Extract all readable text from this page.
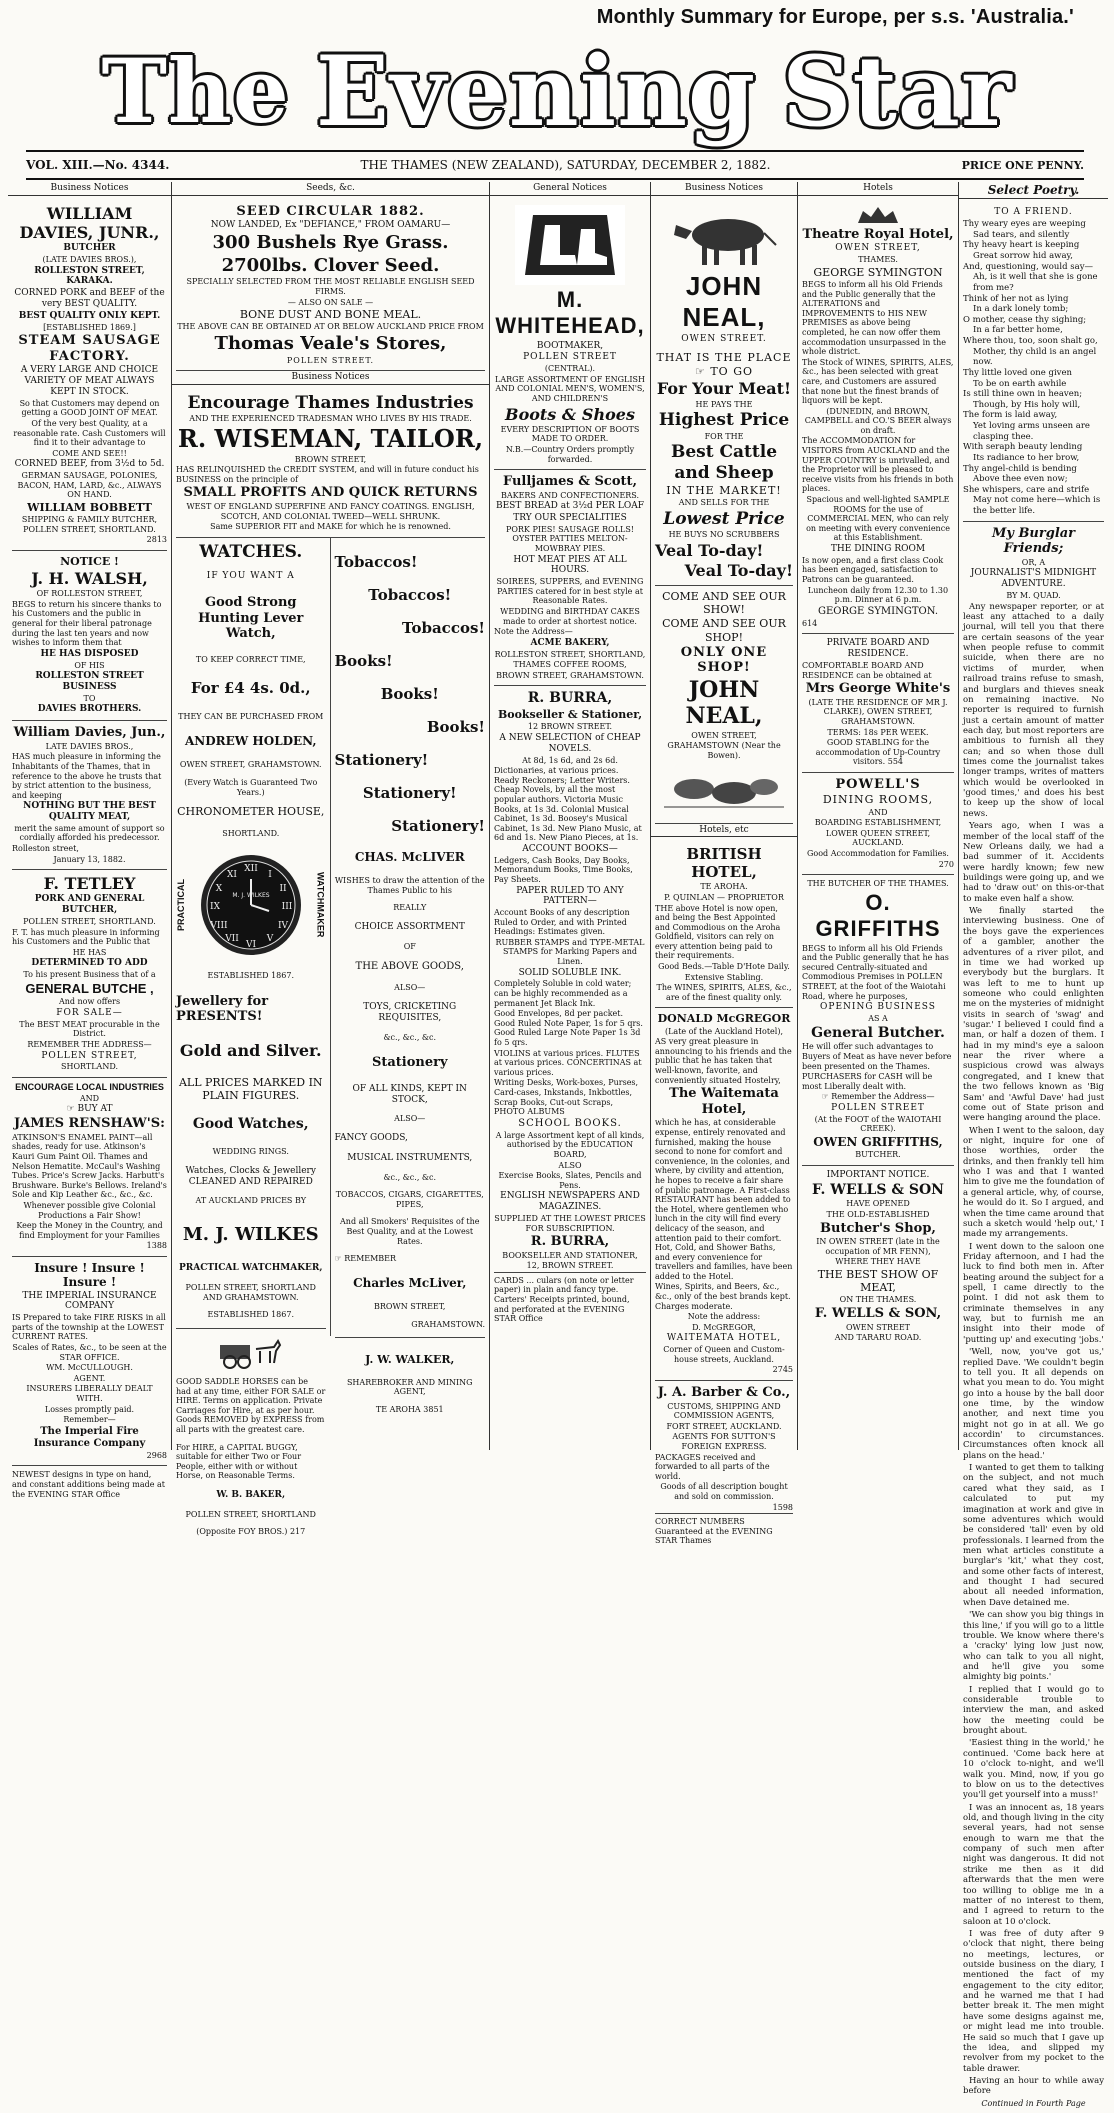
Monthly Summary for Europe, per s.s. 'Australia.'
The Evening Star
VOL. XIII.—No. 4344.	THE THAMES (NEW ZEALAND), SATURDAY, DECEMBER 2, 1882.	PRICE ONE PENNY.
Business Notices

WILLIAM DAVIES, JUNR.,

BUTCHER

(LATE DAVIES BROS.),

ROLLESTON STREET, KARAKA.

CORNED PORK and BEEF of the very BEST QUALITY.

BEST QUALITY ONLY KEPT.

[ESTABLISHED 1869.]

STEAM SAUSAGE FACTORY.

A VERY LARGE AND CHOICE VARIETY OF MEAT ALWAYS KEPT IN STOCK.

So that Customers may depend on getting a GOOD JOINT OF MEAT.

Of the very best Quality, at a reasonable rate. Cash Customers will find it to their advantage to

COME AND SEE!!

CORNED BEEF, from 3½d to 5d.

GERMAN SAUSAGE, POLONIES, BACON, HAM, LARD, &c., ALWAYS ON HAND.

WILLIAM BOBBETT

SHIPPING & FAMILY BUTCHER, POLLEN STREET, SHORTLAND.

2813

NOTICE !

J. H. WALSH,

OF ROLLESTON STREET,

BEGS to return his sincere thanks to his Customers and the public in general for their liberal patronage during the last ten years and now wishes to inform them that

HE HAS DISPOSED

OF HIS

ROLLESTON STREET BUSINESS

TO

DAVIES BROTHERS.

William Davies, Jun.,

LATE DAVIES BROS.,

HAS much pleasure in informing the Inhabitants of the Thames, that in reference to the above he trusts that by strict attention to the business, and keeping

NOTHING BUT THE BEST QUALITY MEAT,

merit the same amount of support so cordially afforded his predecessor.

Rolleston street,

January 13, 1882.

F. TETLEY

PORK AND GENERAL BUTCHER,

POLLEN STREET, SHORTLAND.

F. T. has much pleasure in informing his Customers and the Public that

HE HAS

DETERMINED TO ADD

To his present Business that of a

GENERAL BUTCHE ,

And now offers

FOR SALE—

The BEST MEAT procurable in the District.

REMEMBER THE ADDRESS—

POLLEN STREET,

SHORTLAND.

ENCOURAGE LOCAL INDUSTRIES

AND

☞ BUY AT

JAMES RENSHAW'S:

ATKINSON'S ENAMEL PAINT—all shades, ready for use. Atkinson's Kauri Gum Paint Oil. Thames and Nelson Hematite. McCaul's Washing Tubes. Price's Screw Jacks. Harbutt's Brushware. Burke's Bellows. Ireland's Sole and Kip Leather &c., &c., &c.

Whenever possible give Colonial Productions a Fair Show!

Keep the Money in the Country, and find Employment for your Families

1388

Insure ! Insure ! Insure !

THE IMPERIAL INSURANCE COMPANY

IS Prepared to take FIRE RISKS in all parts of the township at the LOWEST CURRENT RATES.

Scales of Rates, &c., to be seen at the STAR OFFICE.

WM. McCULLOUGH.

AGENT.

INSURERS LIBERALLY DEALT WITH.

Losses promptly paid.

Remember—

The Imperial Fire Insurance Company

2968

NEWEST designs in type on hand, and constant additions being made at the EVENING STAR Office

Seeds, &c.

SEED CIRCULAR 1882.

NOW LANDED, Ex "DEFIANCE," FROM OAMARU—

300 Bushels Rye Grass.

2700lbs. Clover Seed.

SPECIALLY SELECTED FROM THE MOST RELIABLE ENGLISH SEED FIRMS.

— ALSO ON SALE —

BONE DUST AND BONE MEAL.

THE ABOVE CAN BE OBTAINED AT OR BELOW AUCKLAND PRICE FROM

Thomas Veale's Stores,

POLLEN STREET.

Business Notices

Encourage Thames Industries

AND THE EXPERIENCED TRADESMAN WHO LIVES BY HIS TRADE.

R. WISEMAN, TAILOR,

BROWN STREET,

HAS RELINQUISHED the CREDIT SYSTEM, and will in future conduct his BUSINESS on the principle of

SMALL PROFITS AND QUICK RETURNS

WEST OF ENGLAND SUPERFINE AND FANCY COATINGS. ENGLISH, SCOTCH, AND COLONIAL TWEED—WELL SHRUNK.

Same SUPERIOR FIT and MAKE for which he is renowned.

WATCHES.

IF YOU WANT A

Good Strong Hunting Lever Watch,

TO KEEP CORRECT TIME,

For £4 4s. 0d.,

THEY CAN BE PURCHASED FROM

ANDREW HOLDEN,

OWEN STREET, GRAHAMSTOWN.

(Every Watch is Guaranteed Two Years.)

CHRONOMETER HOUSE,

SHORTLAND.

PRACTICAL
XII
III
VI
IX
I
II
IV
V
VII
VIII
X
XI
M. J. WILKES	WATCHMAKER

ESTABLISHED 1867.

Jewellery for PRESENTS!

Gold and Silver.

ALL PRICES MARKED IN PLAIN FIGURES.

Good Watches,

WEDDING RINGS.

Watches, Clocks & Jewellery CLEANED AND REPAIRED

AT AUCKLAND PRICES BY

M. J. WILKES

PRACTICAL WATCHMAKER,

POLLEN STREET, SHORTLAND AND GRAHAMSTOWN.

ESTABLISHED 1867.

GOOD SADDLE HORSES can be had at any time, either FOR SALE or HIRE. Terms on application. Private Carriages for Hire, at as per hour. Goods REMOVED by EXPRESS from all parts with the greatest care.

For HIRE, a CAPITAL BUGGY, suitable for either Two or Four People, either with or without Horse, on Reasonable Terms.

W. B. BAKER,

POLLEN STREET, SHORTLAND

(Opposite FOY BROS.) 217

Tobaccos!

Tobaccos!

Tobaccos!

Books!

Books!

Books!

Stationery!

Stationery!

Stationery!

CHAS. McLIVER

WISHES to draw the attention of the Thames Public to his

REALLY

CHOICE ASSORTMENT

OF

THE ABOVE GOODS,

ALSO—

TOYS, CRICKETING REQUISITES,

&c., &c., &c.

Stationery

OF ALL KINDS, KEPT IN STOCK,

ALSO—

FANCY GOODS,

MUSICAL INSTRUMENTS,

&c., &c., &c.

TOBACCOS, CIGARS, CIGARETTES, PIPES,

And all Smokers' Requisites of the Best Quality, and at the Lowest Rates.

☞ REMEMBER

Charles McLiver,

BROWN STREET,

GRAHAMSTOWN.

J. W. WALKER,

SHAREBROKER AND MINING AGENT,

TE AROHA 3851

General Notices

M. WHITEHEAD,

BOOTMAKER,

POLLEN STREET

(CENTRAL).

LARGE ASSORTMENT OF ENGLISH AND COLONIAL MEN'S, WOMEN'S, AND CHILDREN'S

Boots & Shoes

EVERY DESCRIPTION OF BOOTS MADE TO ORDER.

N.B.—Country Orders promptly forwarded.

Fulljames & Scott,

BAKERS AND CONFECTIONERS.

BEST BREAD at 3½d PER LOAF

TRY OUR SPECIALITIES

PORK PIES! SAUSAGE ROLLS! OYSTER PATTIES MELTON-MOWBRAY PIES.

HOT MEAT PIES AT ALL HOURS.

SOIREES, SUPPERS, and EVENING PARTIES catered for in best style at Reasonable Rates.

WEDDING and BIRTHDAY CAKES made to order at shortest notice.

Note the Address—

ACME BAKERY,

ROLLESTON STREET, SHORTLAND,

THAMES COFFEE ROOMS,

BROWN STREET, GRAHAMSTOWN.

R. BURRA,

Bookseller & Stationer,

12 BROWN STREET.

A NEW SELECTION of CHEAP NOVELS.

At 8d, 1s 6d, and 2s 6d.

Dictionaries, at various prices. Ready Reckoners; Letter Writers. Cheap Novels, by all the most popular authors. Victoria Music Books, at 1s 3d. Colonial Musical Cabinet, 1s 3d. Boosey's Musical Cabinet, 1s 3d. New Piano Music, at 6d and 1s. New Piano Pieces, at 1s.

ACCOUNT BOOKS—

Ledgers, Cash Books, Day Books, Memorandum Books, Time Books, Pay Sheets.

PAPER RULED TO ANY PATTERN—

Account Books of any description Ruled to Order, and with Printed Headings: Estimates given.

RUBBER STAMPS and TYPE-METAL STAMPS for Marking Papers and Linen.

SOLID SOLUBLE INK.

Completely Soluble in cold water; can be highly recommended as a permanent Jet Black Ink.

Good Envelopes, 8d per packet. Good Ruled Note Paper, 1s for 5 qrs. Good Ruled Large Note Paper 1s 3d fo 5 qrs.

VIOLINS at various prices. FLUTES at various prices. CONCERTINAS at various prices.

Writing Desks, Work-boxes, Purses, Card-cases, Inkstands, Inkbottles, Scrap Books, Cut-out Scraps, PHOTO ALBUMS

SCHOOL BOOKS.

A large Assortment kept of all kinds, authorised by the EDUCATION BOARD,

ALSO

Exercise Books, Slates, Pencils and Pens.

ENGLISH NEWSPAPERS AND MAGAZINES.

SUPPLIED AT THE LOWEST PRICES FOR SUBSCRIPTION.

R. BURRA,

BOOKSELLER AND STATIONER,

12, BROWN STREET.

CARDS ... culars (on note or letter paper) in plain and fancy type. Carters' Receipts printed, bound, and perforated at the EVENING STAR Office

Business Notices

JOHN NEAL,

OWEN STREET.

THAT IS THE PLACE

☞ TO GO

For Your Meat!

HE PAYS THE

Highest Price

FOR THE

Best Cattle and Sheep

IN THE MARKET!

AND SELLS FOR THE

Lowest Price

HE BUYS NO SCRUBBERS

Veal To-day!

Veal To-day!

COME AND SEE OUR SHOW!

COME AND SEE OUR SHOP!

ONLY ONE SHOP!

JOHN NEAL,

OWEN STREET,

GRAHAMSTOWN (Near the Bowen).

Hotels, etc

BRITISH HOTEL,

TE AROHA.

P. QUINLAN — PROPRIETOR

THE above Hotel is now open, and being the Best Appointed and Commodious on the Aroha Goldfield, visitors can rely on every attention being paid to their requirements.

Good Beds.—Table D'Hote Daily.

Extensive Stabling.

The WINES, SPIRITS, ALES, &c., are of the finest quality only.

DONALD McGREGOR

(Late of the Auckland Hotel),

AS very great pleasure in announcing to his friends and the public that he has taken that well-known, favorite, and conveniently situated Hostelry,

The Waitemata Hotel,

which he has, at considerable expense, entirely renovated and furnished, making the house second to none for comfort and convenience, in the colonies, and where, by civility and attention, he hopes to receive a fair share of public patronage. A First-class RESTAURANT has been added to the Hotel, where gentlemen who lunch in the city will find every delicacy of the season, and attention paid to their comfort. Hot, Cold, and Shower Baths, and every convenience for travellers and families, have been added to the Hotel.

Wines, Spirits, and Beers, &c., &c., only of the best brands kept. Charges moderate.

Note the address:

D. McGREGOR,

WAITEMATA HOTEL,

Corner of Queen and Custom-house streets, Auckland.

2745

J. A. Barber & Co.,

CUSTOMS, SHIPPING AND COMMISSION AGENTS,

FORT STREET, AUCKLAND.

AGENTS FOR SUTTON'S FOREIGN EXPRESS.

PACKAGES received and forwarded to all parts of the world.

Goods of all description bought and sold on commission.

1598

CORRECT NUMBERS Guaranteed at the EVENING STAR Thames

Hotels

Theatre Royal Hotel,

OWEN STREET,

THAMES.

GEORGE SYMINGTON

BEGS to inform all his Old Friends and the Public generally that the ALTERATIONS and IMPROVEMENTS to HIS NEW PREMISES as above being completed, he can now offer them accommodation unsurpassed in the whole district.

The Stock of WINES, SPIRITS, ALES, &c., has been selected with great care, and Customers are assured that none but the finest brands of liquors will be kept.

(DUNEDIN, and BROWN, CAMPBELL and CO.'S BEER always on draft.

The ACCOMMODATION for VISITORS from AUCKLAND and the UPPER COUNTRY is unrivalled, and the Proprietor will be pleased to receive visits from his friends in both places.

Spacious and well-lighted SAMPLE ROOMS for the use of COMMERCIAL MEN, who can rely on meeting with every convenience at this Establishment.

THE DINING ROOM

Is now open, and a first class Cook has been engaged, satisfaction to Patrons can be guaranteed.

Luncheon daily from 12.30 to 1.30 p.m. Dinner at 6 p.m.

GEORGE SYMINGTON.

614

PRIVATE BOARD AND RESIDENCE.

COMFORTABLE BOARD AND RESIDENCE can be obtained at

Mrs George White's

(LATE THE RESIDENCE OF MR J. CLARKE), OWEN STREET, GRAHAMSTOWN.

TERMS: 18s PER WEEK.

GOOD STABLING for the accommodation of Up-Country visitors. 554

POWELL'S

DINING ROOMS,

AND

BOARDING ESTABLISHMENT,

LOWER QUEEN STREET, AUCKLAND.

Good Accommodation for Families.

270

THE BUTCHER OF THE THAMES.

O. GRIFFITHS

BEGS to inform all his Old Friends and the Public generally that he has secured Centrally-situated and Commodious Premises in POLLEN STREET, at the foot of the Waiotahi Road, where he purposes,

OPENING BUSINESS

AS A

General Butcher.

He will offer such advantages to Buyers of Meat as have never before been presented on the Thames.

PURCHASERS for CASH will be most Liberally dealt with.

☞ Remember the Address—

POLLEN STREET

(At the FOOT of the WAIOTAHI CREEK).

OWEN GRIFFITHS,

BUTCHER.

IMPORTANT NOTICE.

F. WELLS & SON

HAVE OPENED

THE OLD-ESTABLISHED

Butcher's Shop,

IN OWEN STREET (late in the occupation of MR FENN),

WHERE THEY HAVE

THE BEST SHOW OF MEAT,

ON THE THAMES.

F. WELLS & SON,

OWEN STREET

AND TARARU ROAD.

Select Poetry.

TO A FRIEND.

Thy weary eyes are weeping
Sad tears, and silently
Thy heavy heart is keeping
Great sorrow hid away,
And, questioning, would say—
Ah, is it well that she is gone from me?
Think of her not as lying
In a dark lonely tomb;
O mother, cease thy sighing;
In a far better home,
Where thou, too, soon shalt go,
Mother, thy child is an angel now.
Thy little loved one given
To be on earth awhile
Is still thine own in heaven;
Though, by His holy will,
The form is laid away,
Yet loving arms unseen are clasping thee.
With seraph beauty lending
Its radiance to her brow,
Thy angel-child is bending
Above thee even now;
She whispers, care and strife
May not come here—which is the better life.

My Burglar Friends;

OR, A

JOURNALIST'S MIDNIGHT ADVENTURE.

BY M. QUAD.

Any newspaper reporter, or at least any attached to a daily journal, will tell you that there are certain seasons of the year when people refuse to commit suicide, when there are no victims of murder, when railroad trains refuse to smash, and burglars and thieves sneak on remaining inactive. No reporter is required to furnish just a certain amount of matter each day, but most reporters are ambitious to furnish all they can; and so when those dull times come the journalist takes longer tramps, writes of matters which would be overlooked in 'good times,' and does his best to keep up the show of local news.

Years ago, when I was a member of the local staff of the New Orleans daily, we had a bad summer of it. Accidents were hardly known; few new buildings were going up, and we had to 'draw out' on this-or-that to make even half a show.

We finally started the interviewing business. One of the boys gave the experiences of a gambler, another the adventures of a river pilot, and in time we had worked up everybody but the burglars. It was left to me to hunt up someone who could enlighten me on the mysteries of midnight visits in search of 'swag' and 'sugar.' I believed I could find a man, or half a dozen of them. I had in my mind's eye a saloon near the river where a suspicious crowd was always congregated, and I knew that the two fellows known as 'Big Sam' and 'Awful Dave' had just come out of State prison and were hanging around the place.

When I went to the saloon, day or night, inquire for one of those worthies, order the drinks, and then frankly tell him who I was and that I wanted him to give me the foundation of a general article, why, of course, he would do it. So I argued, and when the time came around that such a sketch would 'help out,' I made my arrangements.

I went down to the saloon one Friday afternoon, and I had the luck to find both men in. After beating around the subject for a spell, I came directly to the point. I did not ask them to criminate themselves in any way, but to furnish me an insight into their mode of 'putting up' and executing 'jobs.'

'Well, now, you've got us,' replied Dave. 'We couldn't begin to tell you. It all depends on what you mean to do. You might go into a house by the ball door one time, by the window another, and next time you might not go in at all. We go accordin' to circumstances. Circumstances often knock all plans on the head.'

I wanted to get them to talking on the subject, and not much cared what they said, as I calculated to put my imagination at work and give in some adventures which would be considered 'tall' even by old professionals. I learned from the men what articles constitute a burglar's 'kit,' what they cost, and some other facts of interest, and thought I had secured about all needed information, when Dave detained me.

'We can show you big things in this line,' if you will go to a little trouble. We know where there's a 'cracky' lying low just now, who can talk to you all night, and he'll give you some almighty big points.'

I replied that I would go to considerable trouble to interview the man, and asked how the meeting could be brought about.

'Easiest thing in the world,' he continued. 'Come back here at 10 o'clock to-night, and we'll walk you. Mind, now, if you go to blow on us to the detectives you'll get yourself into a muss!'

I was an innocent as, 18 years old, and though living in the city several years, had not sense enough to warn me that the company of such men after night was dangerous. It did not strike me then as it did afterwards that the men were too willing to oblige me in a matter of no interest to them, and I agreed to return to the saloon at 10 o'clock.

I was free of duty after 9 o'clock that night, there being no meetings, lectures, or outside business on the diary, I mentioned the fact of my engagement to the city editor, and he warned me that I had better break it. The men might have some designs against me, or might lead me into trouble. He said so much that I gave up the idea, and slipped my revolver from my pocket to the table drawer.

Having an hour to while away before

Continued in Fourth Page
